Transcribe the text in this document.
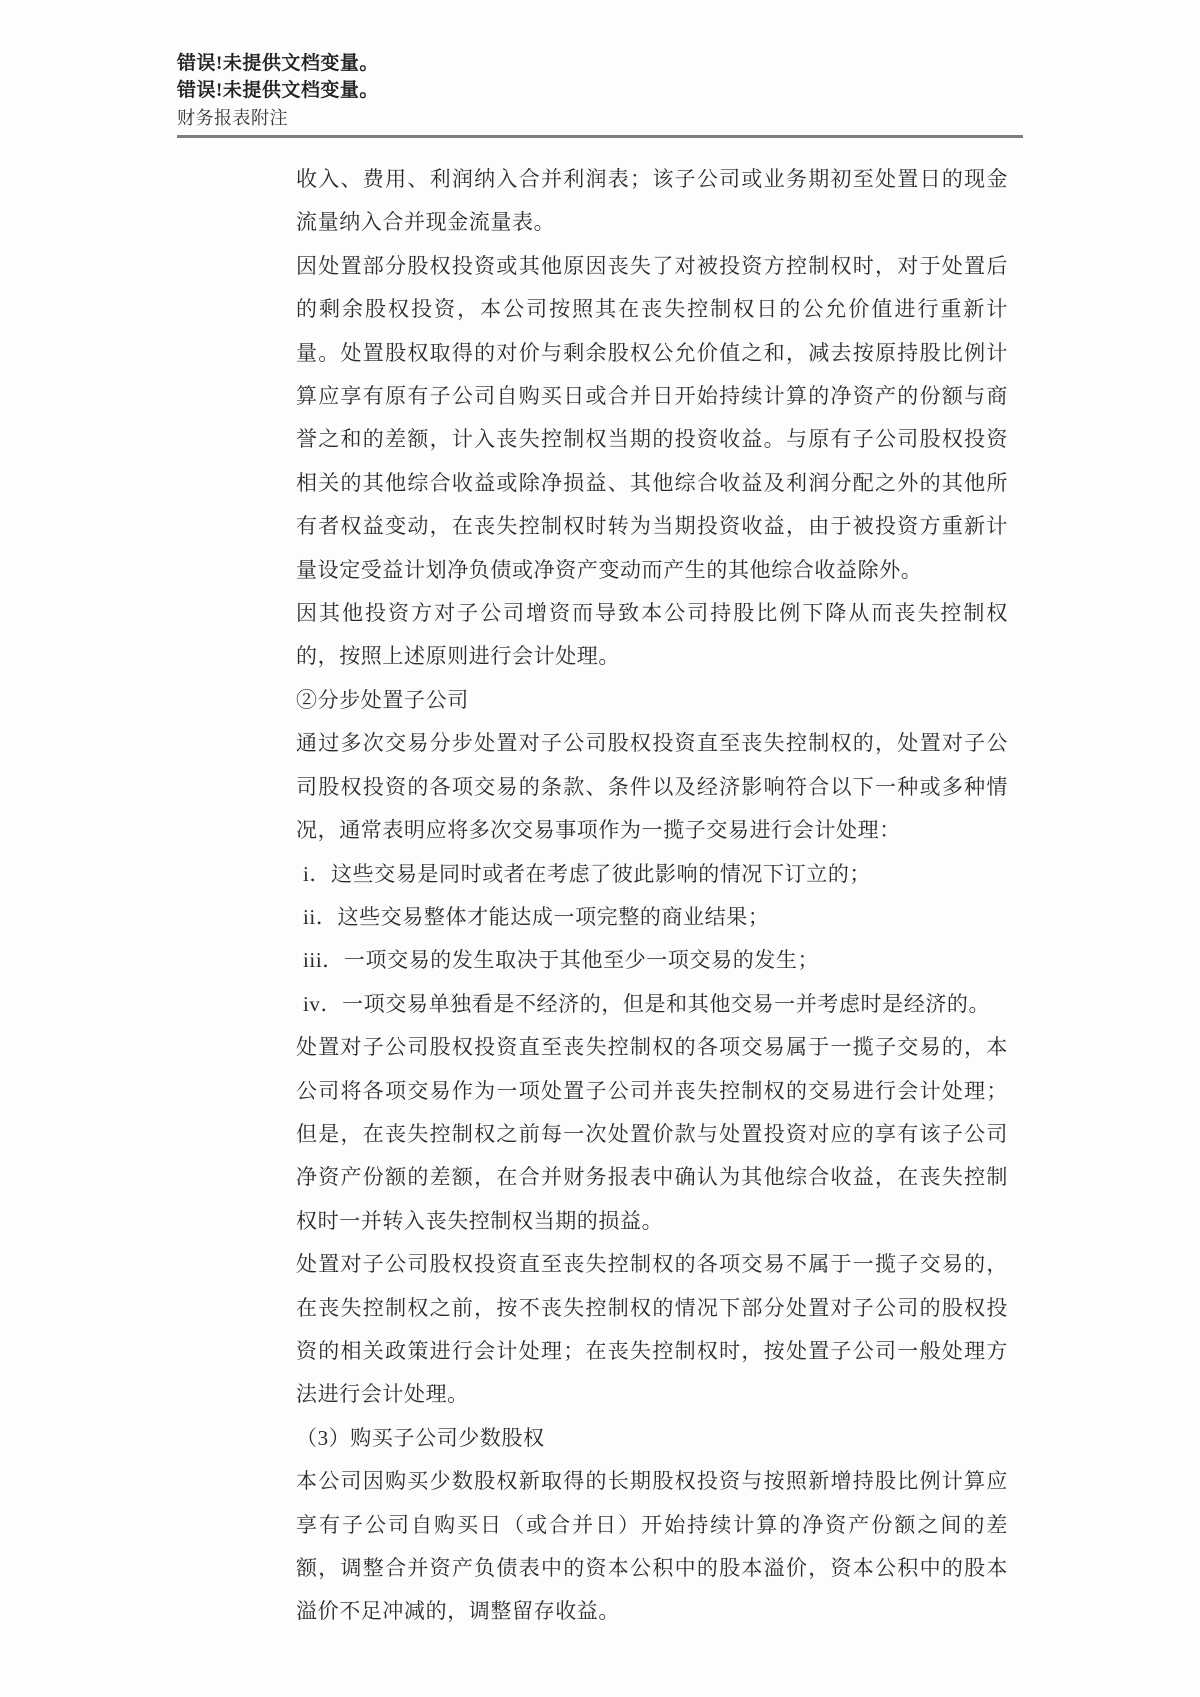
错误!未提供文档变量。
错误!未提供文档变量。
财务报表附注

收入、费用、利润纳入合并利润表；该子公司或业务期初至处置日的现金流量纳入合并现金流量表。

因处置部分股权投资或其他原因丧失了对被投资方控制权时，对于处置后的剩余股权投资，本公司按照其在丧失控制权日的公允价值进行重新计量。处置股权取得的对价与剩余股权公允价值之和，减去按原持股比例计算应享有原有子公司自购买日或合并日开始持续计算的净资产的份额与商誉之和的差额，计入丧失控制权当期的投资收益。与原有子公司股权投资相关的其他综合收益或除净损益、其他综合收益及利润分配之外的其他所有者权益变动，在丧失控制权时转为当期投资收益，由于被投资方重新计量设定受益计划净负债或净资产变动而产生的其他综合收益除外。

因其他投资方对子公司增资而导致本公司持股比例下降从而丧失控制权的，按照上述原则进行会计处理。

②分步处置子公司

通过多次交易分步处置对子公司股权投资直至丧失控制权的，处置对子公司股权投资的各项交易的条款、条件以及经济影响符合以下一种或多种情况，通常表明应将多次交易事项作为一揽子交易进行会计处理：

i．这些交易是同时或者在考虑了彼此影响的情况下订立的；

ii．这些交易整体才能达成一项完整的商业结果；

iii．一项交易的发生取决于其他至少一项交易的发生；

iv．一项交易单独看是不经济的，但是和其他交易一并考虑时是经济的。

处置对子公司股权投资直至丧失控制权的各项交易属于一揽子交易的，本公司将各项交易作为一项处置子公司并丧失控制权的交易进行会计处理；但是，在丧失控制权之前每一次处置价款与处置投资对应的享有该子公司净资产份额的差额，在合并财务报表中确认为其他综合收益，在丧失控制权时一并转入丧失控制权当期的损益。

处置对子公司股权投资直至丧失控制权的各项交易不属于一揽子交易的，在丧失控制权之前，按不丧失控制权的情况下部分处置对子公司的股权投资的相关政策进行会计处理；在丧失控制权时，按处置子公司一般处理方法进行会计处理。

（3）购买子公司少数股权

本公司因购买少数股权新取得的长期股权投资与按照新增持股比例计算应享有子公司自购买日（或合并日）开始持续计算的净资产份额之间的差额，调整合并资产负债表中的资本公积中的股本溢价，资本公积中的股本溢价不足冲减的，调整留存收益。
